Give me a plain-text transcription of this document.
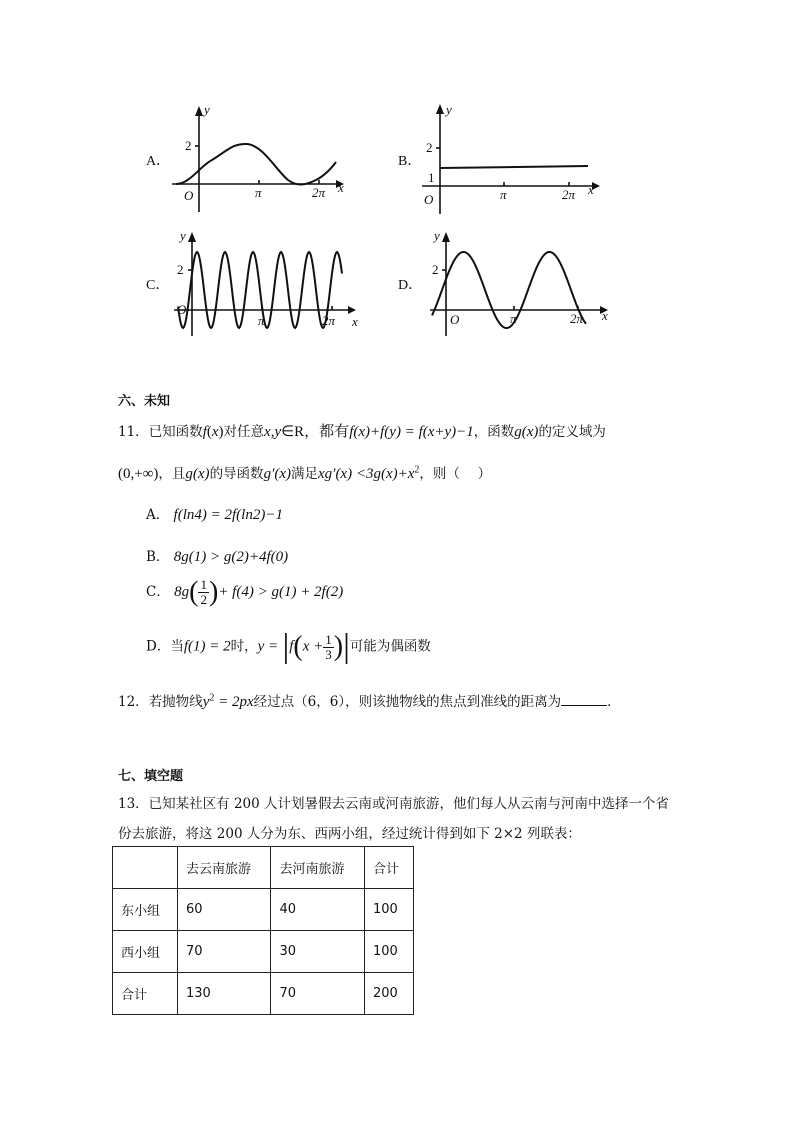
A．
y
x
O
2
π	2π
B．
y
x
O
2
1
π	2π
C．
y
x
O
2
π	2π
D．
y
x
O
2
π	2π
六、未知
11．已知函数f(x)对任意x,y∈R，都有f(x)+f(y) = f(x+y)−1，函数g(x)的定义域为
(0,+∞)，且g(x)的导函数g′(x)满足$xg'(x) <3g(x)+x^2$，则（　 ）
A． f(ln4) = 2f(ln2)−1
B． 8g(1) > g(2)+4f(0)
C． $8g( \frac{1}{2}$ )+ f(4) > g(1) + 2f(2)
D．当f(1) = 2时，$y = |f(x + \frac{1}{3}$ )|可能为偶函数
12．若抛物线$y^2 = 2px$经过点（6，6），则该抛物线的焦点到准线的距离为	．
七、填空题
13．已知某社区有 200 人计划暑假去云南或河南旅游，他们每人从云南与河南中选择一个省
份去旅游，将这 200 人分为东、西两小组，经过统计得到如下 2×2 列联表：
	去云南旅游	去河南旅游	合计
东小组	60	40	100
西小组	70	30	100
合计	130	70	200
